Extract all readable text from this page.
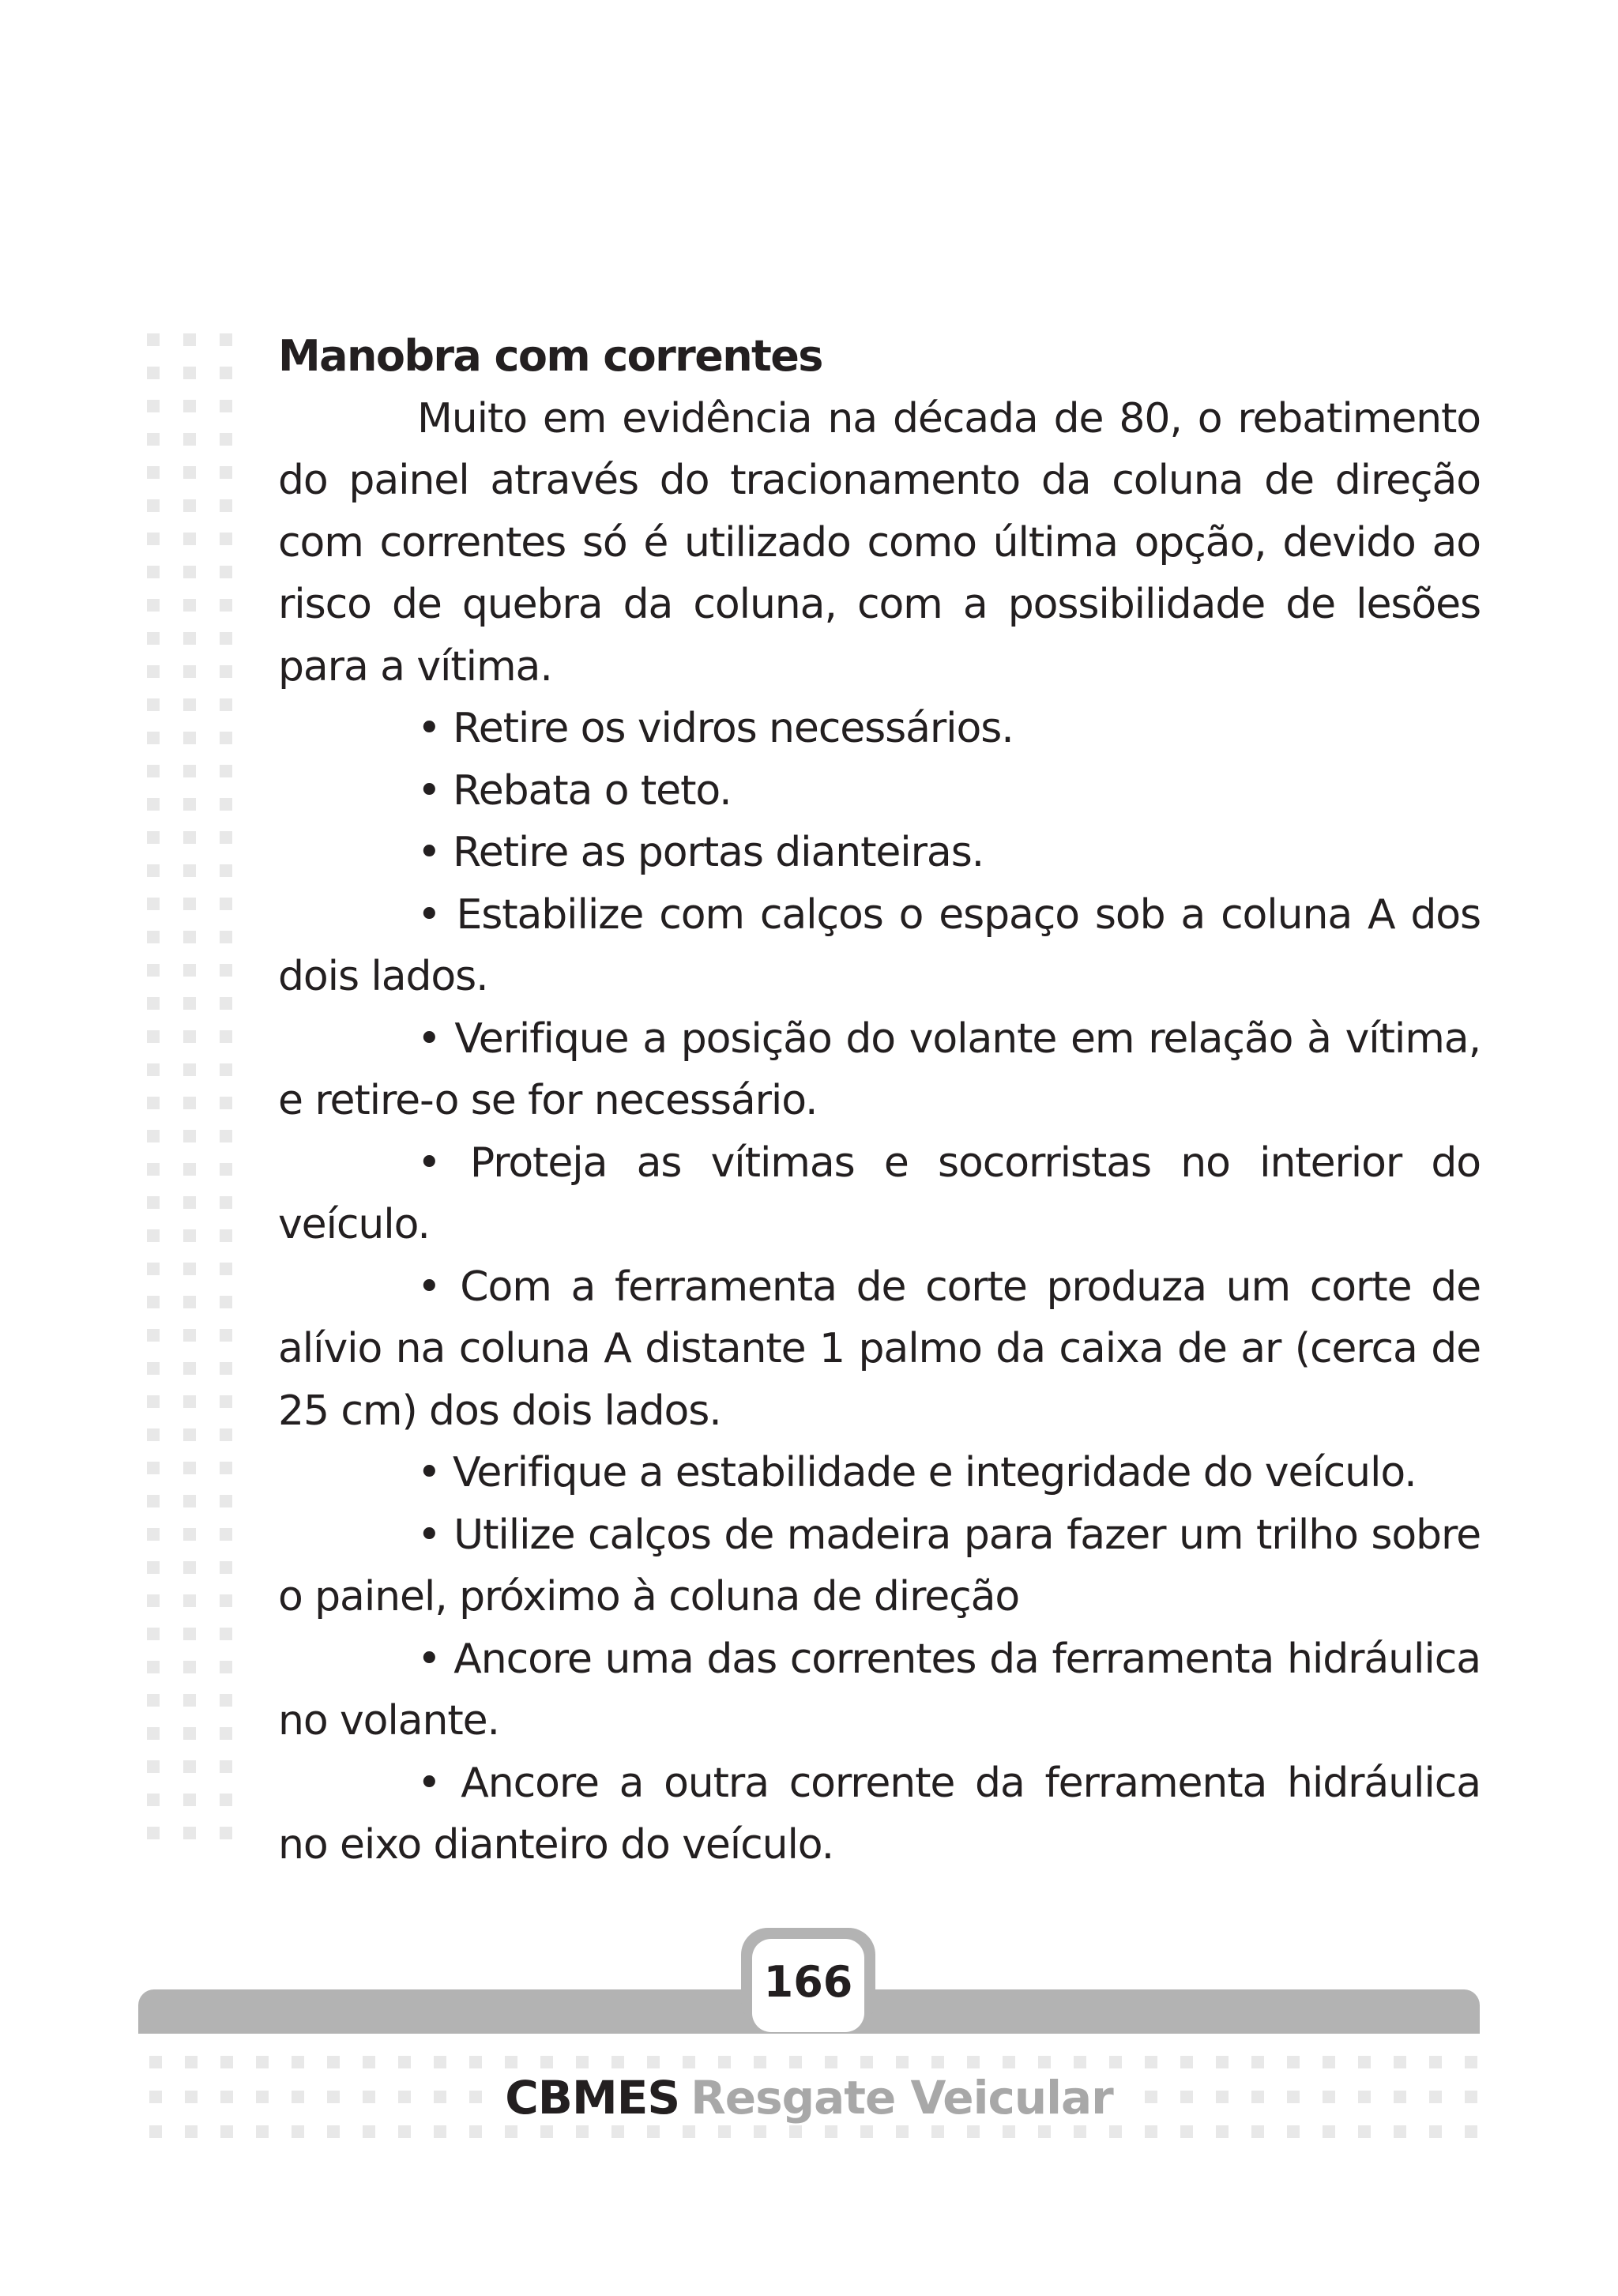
Manobra com correntes

Muito em evidência na década de 80, o rebatimento do painel através do tracionamento da coluna de direção com correntes só é utilizado como última opção, devido ao risco de quebra da coluna, com a possibilidade de lesões para a vítima.

• Retire os vidros necessários.

• Rebata o teto.

• Retire as portas dianteiras.

• Estabilize com calços o espaço sob a coluna A dos dois lados.

• Verifique a posição do volante em relação à vítima, e retire-o se for necessário.

• Proteja as vítimas e socorristas no interior do veículo.

• Com a ferramenta de corte produza um corte de alívio na coluna A distante 1 palmo da caixa de ar (cerca de 25 cm) dos dois lados.

• Verifique a estabilidade e integridade do veículo.

• Utilize calços de madeira para fazer um trilho sobre o painel, próximo à coluna de direção

• Ancore uma das correntes da ferramenta hidráulica no volante.

• Ancore a outra corrente da ferramenta hidráulica no eixo dianteiro do veículo.

166
CBMES Resgate Veicular
